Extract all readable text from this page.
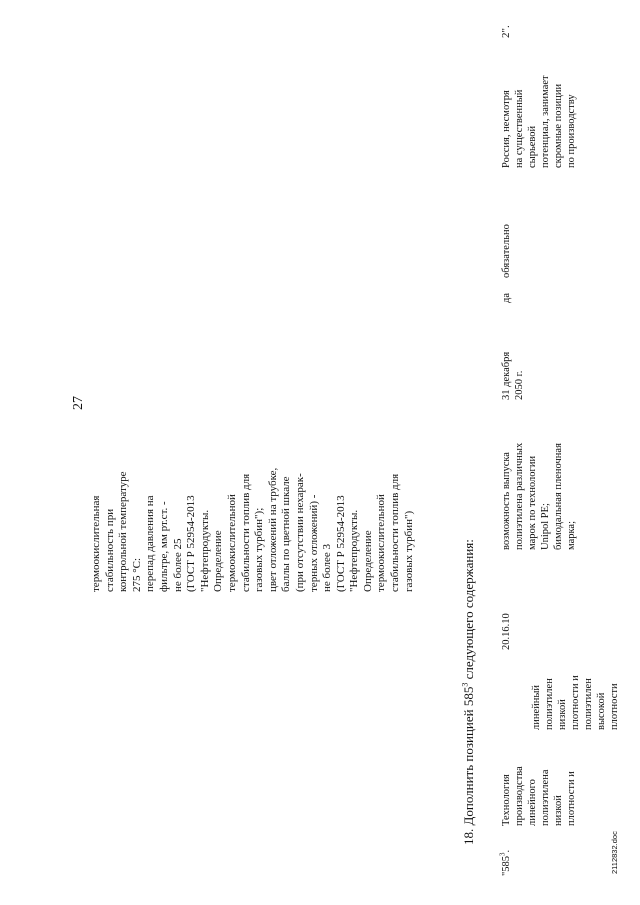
27
термоокислительная
стабильность при
контрольной температуре
275 °С:
перепад давления на
фильтре, мм рт.ст. -
не более 25
(ГОСТ Р 52954-2013
"Нефтепродукты.
Определение
термоокислительной
стабильности топлив для
газовых турбин");
цвет отложений на трубке,
баллы по цветной шкале
(при отсутствии нехарак-
терных отложений) -
не более 3
(ГОСТ Р 52954-2013
"Нефтепродукты.
Определение
термоокислительной
стабильности топлив для
газовых турбин")
18. Дополнить позицией $585^3$ следующего содержания:
"$585^3$.
Технология
производства
линейного
полиэтилена
низкой
плотности и
линейный
полиэтилен
низкой
плотности и
полиэтилен
высокой
плотности
20.16.10
возможность выпуска
полиэтилена различных
марок по технологии
Unipol PE;
бимодальная пленочная
марка;
31 декабря
2050 г.
да
обязательно
Россия, несмотря
на существенный
сырьевой
потенциал, занимает
скромные позиции
по производству
2".
2112832.doc
